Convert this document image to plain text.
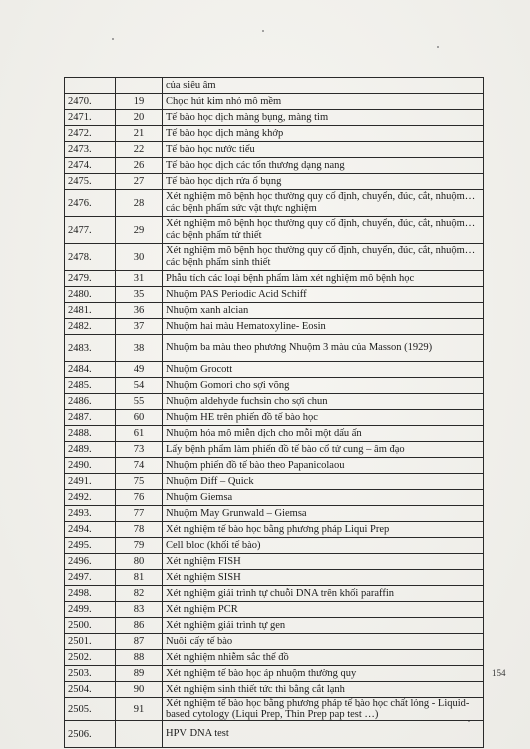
		của siêu âm
2470.	19	Chọc hút kim nhỏ mô mềm
2471.	20	Tế bào học dịch màng bụng, màng tim
2472.	21	Tế bào học dịch màng khớp
2473.	22	Tế bào học nước tiểu
2474.	26	Tế bào học dịch các tổn thương dạng nang
2475.	27	Tế bào học dịch rửa ổ bụng
2476.	28	Xét nghiệm mô bệnh học thường quy cố định, chuyển, đúc, cắt, nhuộm… các bệnh phẩm sức vật thực nghiệm
2477.	29	Xét nghiệm mô bệnh học thường quy cố định, chuyển, đúc, cắt, nhuộm… các bệnh phẩm tử thiết
2478.	30	Xét nghiệm mô bệnh học thường quy cố định, chuyển, đúc, cắt, nhuộm… các bệnh phẩm sinh thiết
2479.	31	Phẫu tích các loại bệnh phẩm làm xét nghiệm mô bệnh học
2480.	35	Nhuộm PAS Periodic Acid Schiff
2481.	36	Nhuộm xanh alcian
2482.	37	Nhuộm hai màu Hematoxyline- Eosin
2483.	38	Nhuộm ba màu theo phương Nhuộm 3 màu của Masson (1929)
2484.	49	Nhuộm Grocott
2485.	54	Nhuộm Gomori cho sợi võng
2486.	55	Nhuộm aldehyde fuchsin cho sợi chun
2487.	60	Nhuộm HE trên phiến đồ tế bào học
2488.	61	Nhuộm hóa mô miễn dịch cho mỗi một dấu ấn
2489.	73	Lấy bệnh phẩm làm phiến đồ tế bào cổ tử cung – âm đạo
2490.	74	Nhuộm phiến đồ tế bào theo Papanicolaou
2491.	75	Nhuộm Diff – Quick
2492.	76	Nhuộm Giemsa
2493.	77	Nhuộm May Grunwald – Giemsa
2494.	78	Xét nghiệm tế bào học bằng phương pháp Liqui Prep
2495.	79	Cell bloc (khối tế bào)
2496.	80	Xét nghiệm FISH
2497.	81	Xét nghiệm SISH
2498.	82	Xét nghiệm giải trình tự chuỗi DNA trên khối paraffin
2499.	83	Xét nghiệm PCR
2500.	86	Xét nghiệm giải trình tự gen
2501.	87	Nuôi cấy tế bào
2502.	88	Xét nghiệm nhiễm sắc thể đồ
2503.	89	Xét nghiệm tế bào học áp nhuộm thường quy
2504.	90	Xét nghiệm sinh thiết tức thì bằng cắt lạnh
2505.	91	Xét nghiệm tế bào học bằng phương pháp tế bào học chất lỏng - Liquid-based cytology (Liqui Prep, Thin Prep pap test …)
2506.		HPV DNA test
154
